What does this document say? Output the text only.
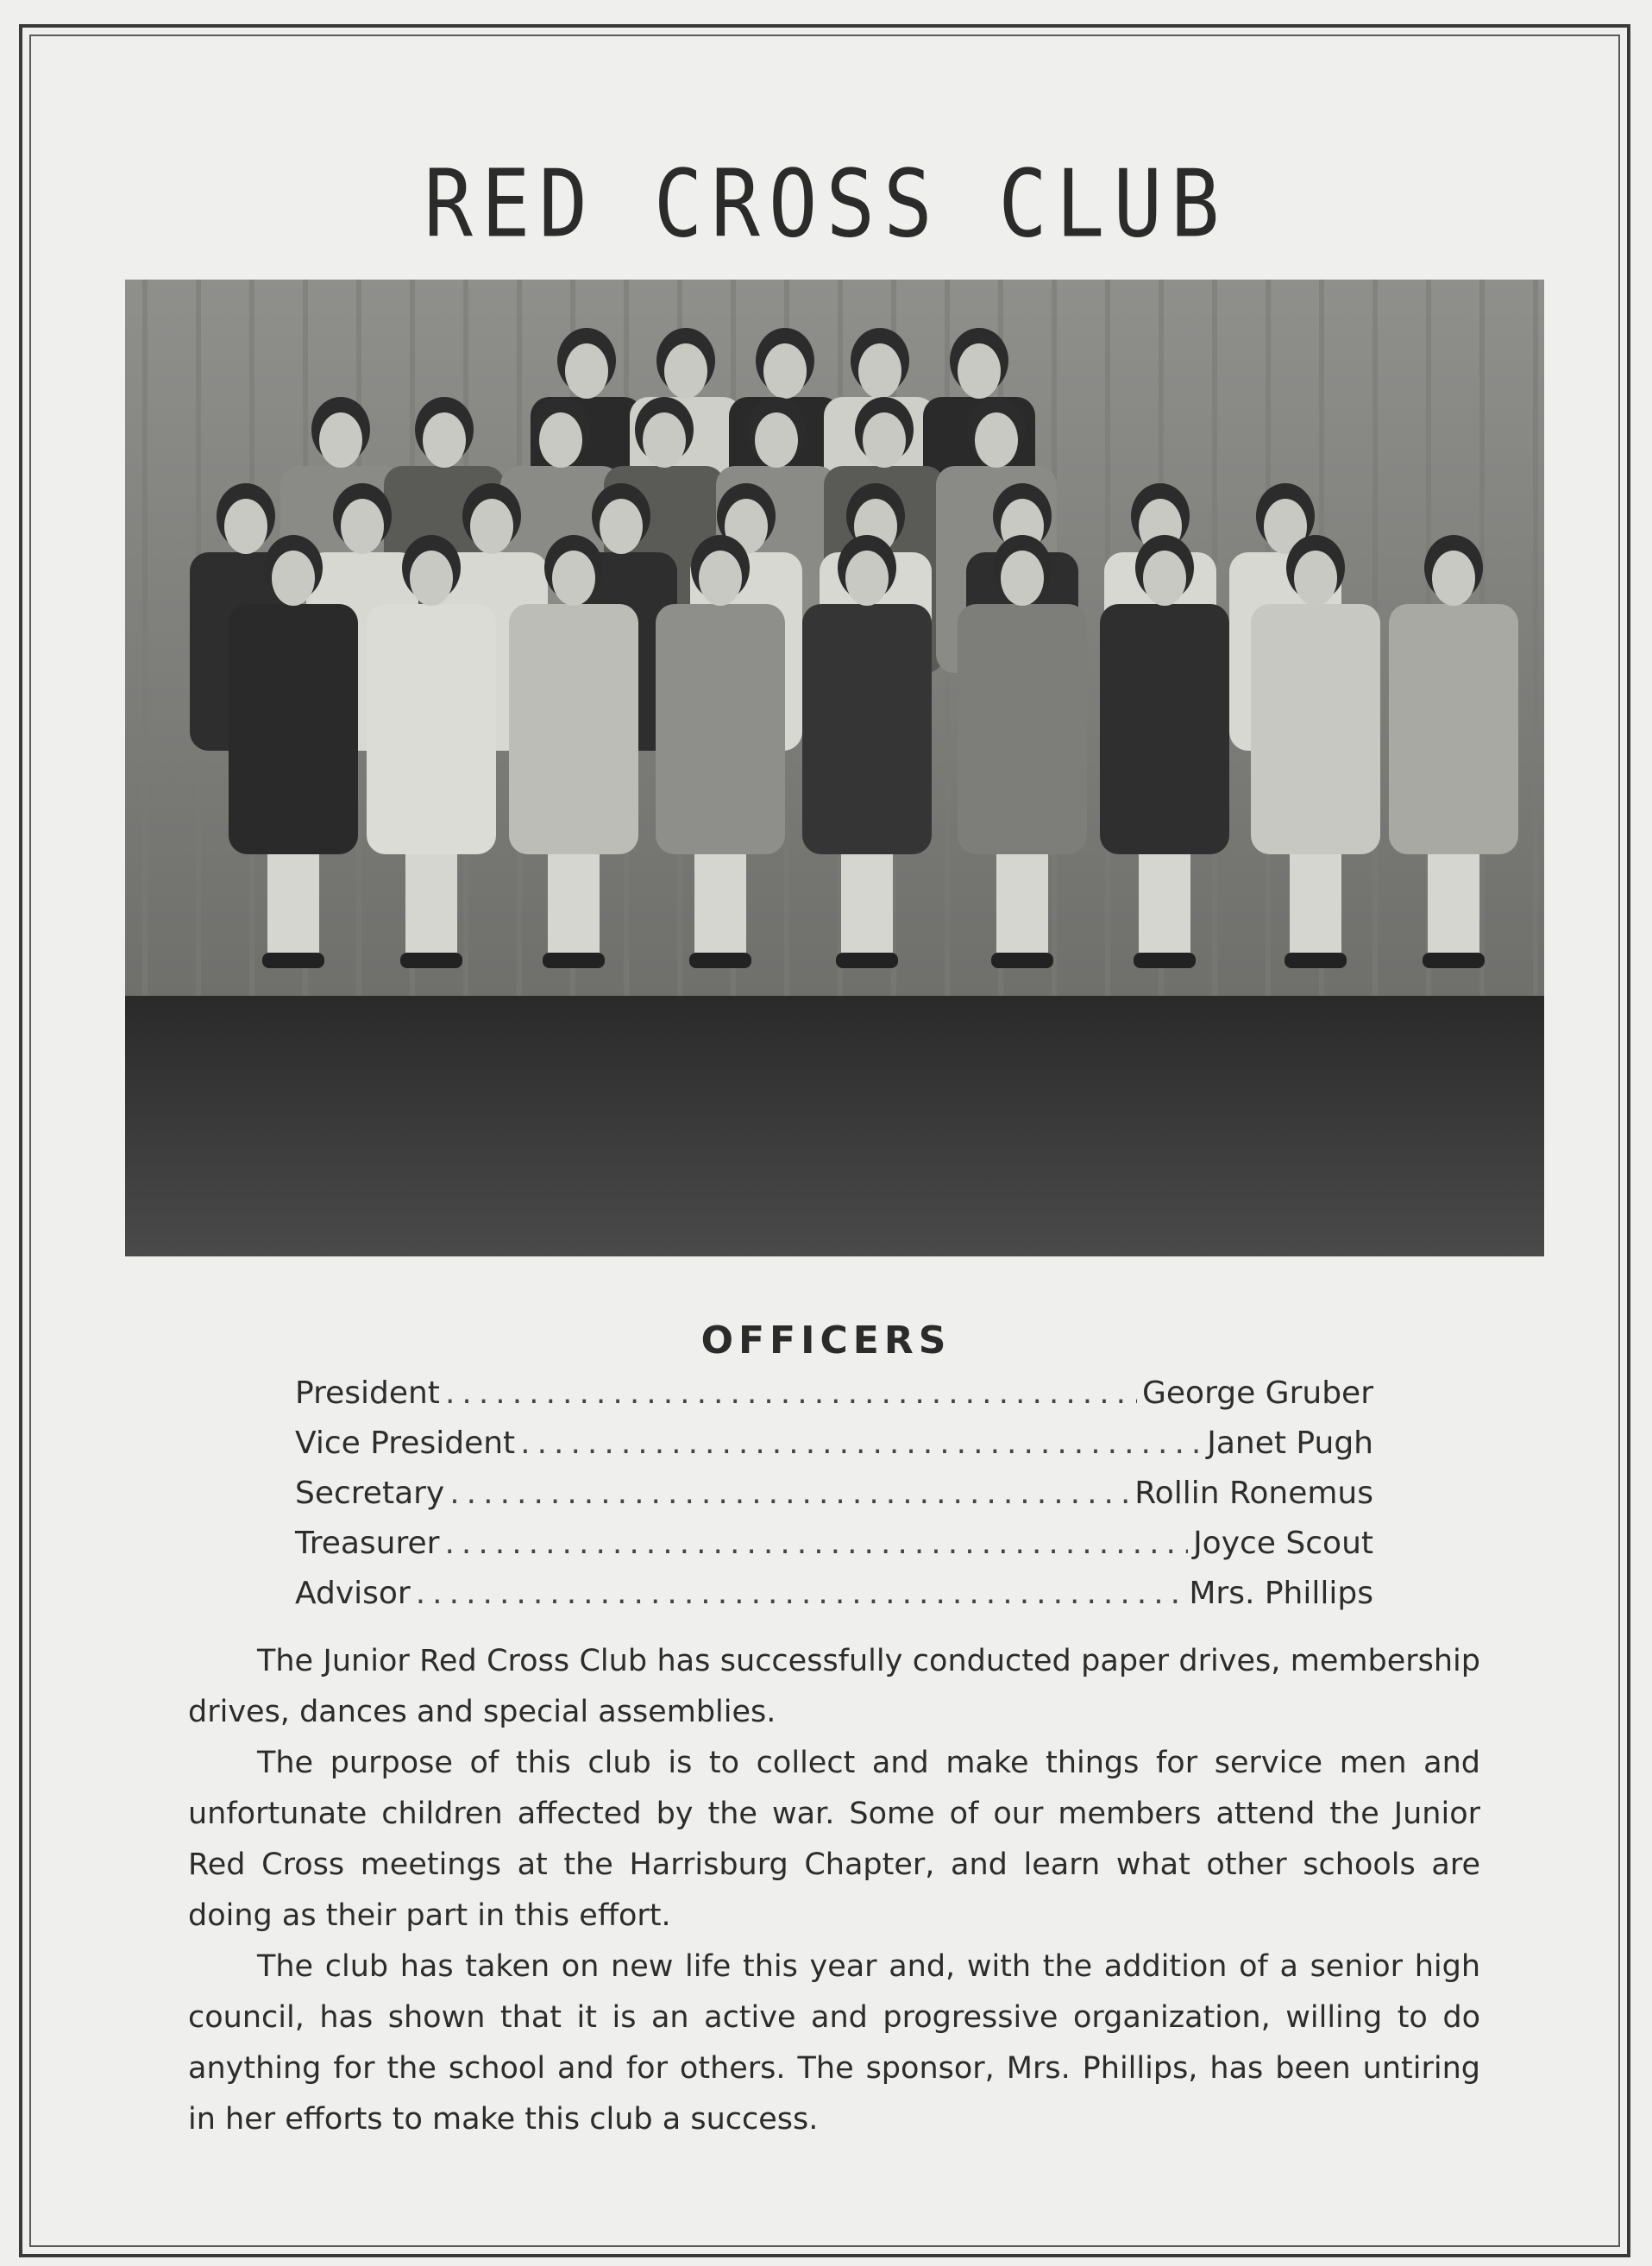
RED CROSS CLUB
OFFICERS
President .....	George Gruber
Vice President .....	Janet Pugh
Secretary .....	Rollin Ronemus
Treasurer .....	Joyce Scout
Advisor .....	Mrs. Phillips

The Junior Red Cross Club has successfully conducted paper drives, membership drives, dances and special assemblies.

The purpose of this club is to collect and make things for service men and unfortunate children affected by the war. Some of our members attend the Junior Red Cross meetings at the Harrisburg Chapter, and learn what other schools are doing as their part in this effort.

The club has taken on new life this year and, with the addition of a senior high council, has shown that it is an active and progressive organization, willing to do anything for the school and for others. The sponsor, Mrs. Phillips, has been untiring in her efforts to make this club a success.
